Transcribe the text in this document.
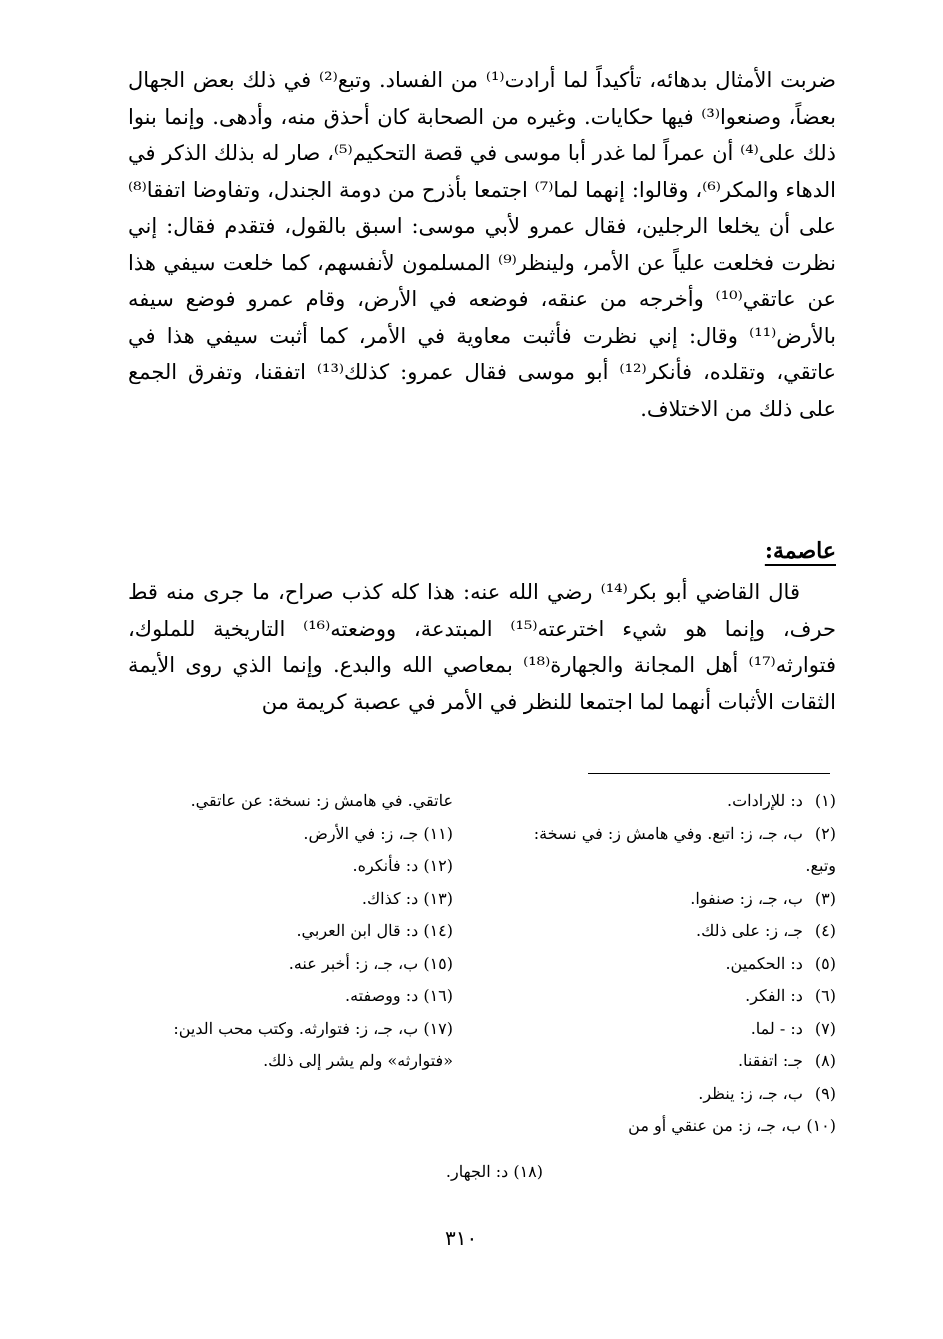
ضربت الأمثال بدهائه، تأكيداً لما أرادت⁽¹⁾ من الفساد. وتبع⁽²⁾ في ذلك بعض الجهال بعضاً، وصنعوا⁽³⁾ فيها حكايات. وغيره من الصحابة كان أحذق منه، وأدهى. وإنما بنوا ذلك على⁽⁴⁾ أن عمراً لما غدر أبا موسى في قصة التحكيم⁽⁵⁾، صار له بذلك الذكر في الدهاء والمكر⁽⁶⁾، وقالوا: إنهما لما⁽⁷⁾ اجتمعا بأذرح من دومة الجندل، وتفاوضا اتفقا⁽⁸⁾ على أن يخلعا الرجلين، فقال عمرو لأبي موسى: اسبق بالقول، فتقدم فقال: إني نظرت فخلعت علياً عن الأمر، ولينظر⁽⁹⁾ المسلمون لأنفسهم، كما خلعت سيفي هذا عن عاتقي⁽¹⁰⁾ وأخرجه من عنقه، فوضعه في الأرض، وقام عمرو فوضع سيفه بالأرض⁽¹¹⁾ وقال: إني نظرت فأثبت معاوية في الأمر، كما أثبت سيفي هذا في عاتقي، وتقلده، فأنكر⁽¹²⁾ أبو موسى فقال عمرو: كذلك⁽¹³⁾ اتفقنا، وتفرق الجمع على ذلك من الاختلاف.

عاصمة:
قال القاضي أبو بكر⁽¹⁴⁾ رضي الله عنه: هذا كله كذب صراح، ما جرى منه قط حرف، وإنما هو شيء اخترعته⁽¹⁵⁾ المبتدعة، ووضعته⁽¹⁶⁾ التاريخية للملوك، فتوارثه⁽¹⁷⁾ أهل المجانة والجهارة⁽¹⁸⁾ بمعاصي الله والبدع. وإنما الذي روى الأيمة الثقات الأثبات أنهما لما اجتمعا للنظر في الأمر في عصبة كريمة من

(١) د: للإرادات.

(٢) ب، جـ، ز: اتبع. وفي هامش ز: في نسخة: وتبع.

(٣) ب، جـ، ز: صنفوا.

(٤) جـ، ز: على ذلك.

(٥) د: الحكمين.

(٦) د: الفكر.

(٧) د: - لما.

(٨) جـ: اتفقنا.

(٩) ب، جـ، ز: ينظر.

(١٠) ب، جـ، ز: من عنقي أو من

عاتقي. في هامش ز: نسخة: عن عاتقي.

(١١) جـ، ز: في الأرض.

(١٢) د: فأنكره.

(١٣) د: كذاك.

(١٤) د: قال ابن العربي.

(١٥) ب، جـ، ز: أخبر عنه.

(١٦) د: ووصفته.

(١٧) ب، جـ، ز: فتوارثه. وكتب محب الدين: «فتوارثه» ولم يشر إلى ذلك.

(١٨) د: الجهار.
٣١٠
